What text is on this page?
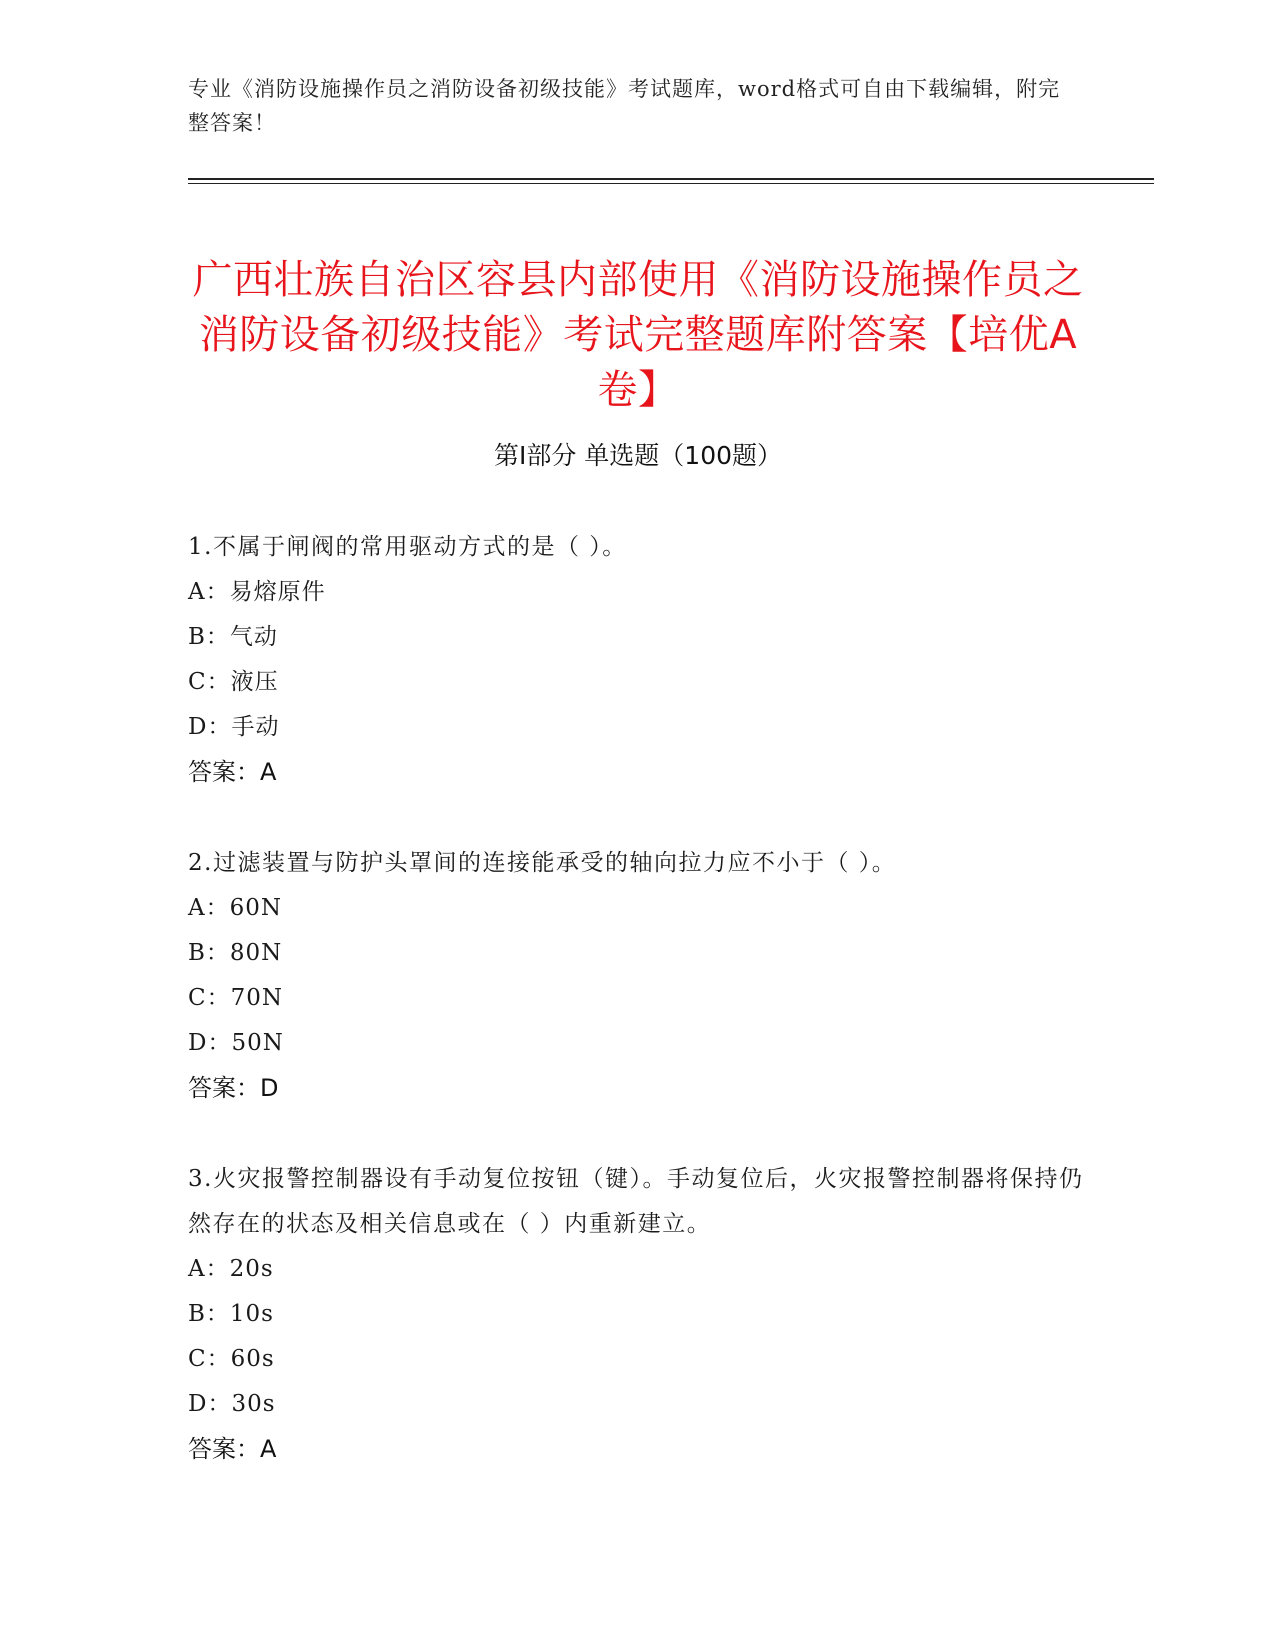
专业《消防设施操作员之消防设备初级技能》考试题库，word格式可自由下载编辑，附完整答案！
广西壮族自治区容县内部使用《消防设施操作员之消防设备初级技能》考试完整题库附答案【培优A卷】
第Ⅰ部分 单选题（100题）

1.不属于闸阀的常用驱动方式的是（ ）。

A：易熔原件

B：气动

C：液压

D：手动

答案：A

2.过滤装置与防护头罩间的连接能承受的轴向拉力应不小于（ ）。

A：60N

B：80N

C：70N

D：50N

答案：D

3.火灾报警控制器设有手动复位按钮（键）。手动复位后，火灾报警控制器将保持仍然存在的状态及相关信息或在（ ）内重新建立。

A：20s

B：10s

C：60s

D：30s

答案：A
